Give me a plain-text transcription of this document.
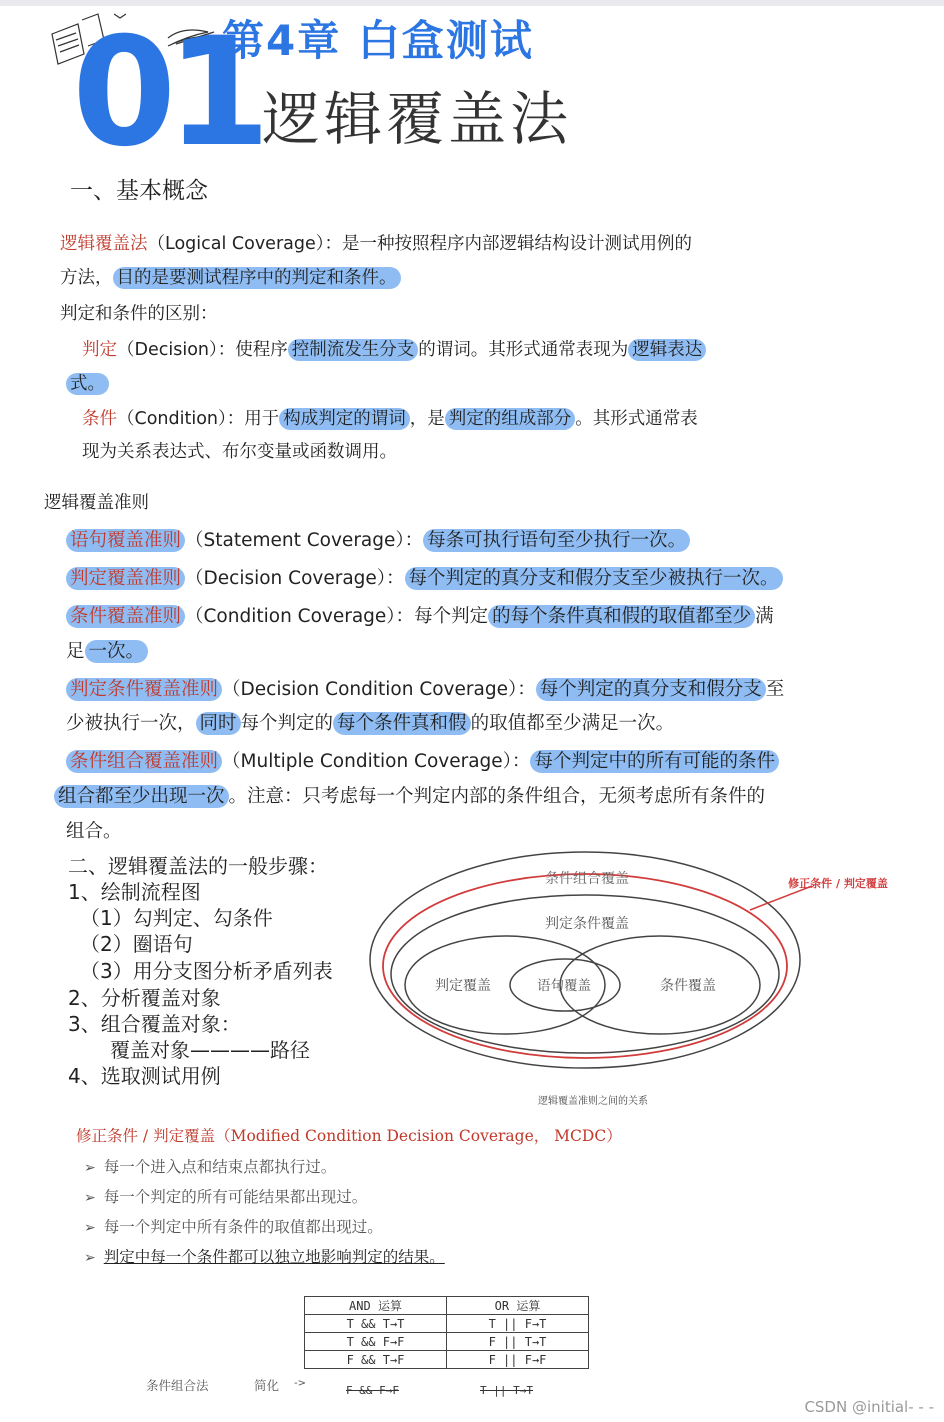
01
第4章 白盒测试
逻辑覆盖法
一、基本概念
逻辑覆盖法（Logical Coverage）：是一种按照程序内部逻辑结构设计测试用例的
方法， 目的是要测试程序中的判定和条件。
判定和条件的区别：
判定（Decision）：使程序 控制流发生分支 的谓词。其形式通常表现为 逻辑表达
式。
条件（Condition）：用于 构成判定的谓词 ，是 判定的组成部分 。其形式通常表
现为关系表达式、布尔变量或函数调用。
逻辑覆盖准则
语句覆盖准则 （Statement Coverage）： 每条可执行语句至少执行一次。
判定覆盖准则 （Decision Coverage）： 每个判定的真分支和假分支至少被执行一次。
条件覆盖准则 （Condition Coverage）：每个判定 的每个条件真和假的取值都至少 满
足 一次。
判定条件覆盖准则 （Decision Condition Coverage）： 每个判定的真分支和假分支 至
少被执行一次， 同时 每个判定的 每个条件真和假 的取值都至少满足一次。
条件组合覆盖准则 （Multiple Condition Coverage）： 每个判定中的所有可能的条件
组合都至少出现一次 。注意：只考虑每一个判定内部的条件组合，无须考虑所有条件的
组合。
二、逻辑覆盖法的一般步骤：
1、绘制流程图
（1）勾判定、勾条件
（2）圈语句
（3）用分支图分析矛盾列表
2、分析覆盖对象
3、组合覆盖对象：
覆盖对象————路径
4、选取测试用例
条件组合覆盖
判定条件覆盖
判定覆盖	语句覆盖	条件覆盖
修正条件 / 判定覆盖
逻辑覆盖准则之间的关系
修正条件 / 判定覆盖（Modified Condition Decision Coverage， MCDC）
➢ 每一个进入点和结束点都执行过。
➢ 每一个判定的所有可能结果都出现过。
➢ 每一个判定中所有条件的取值都出现过。
➢ 判定中每一个条件都可以独立地影响判定的结果。
AND 运算	OR 运算
T && T→T	T || F→T
T && F→F	F || T→T
F && T→F	F || F→F
条件组合法	简化 ->
F && F→F	T || T→T
CSDN @initial- - -
